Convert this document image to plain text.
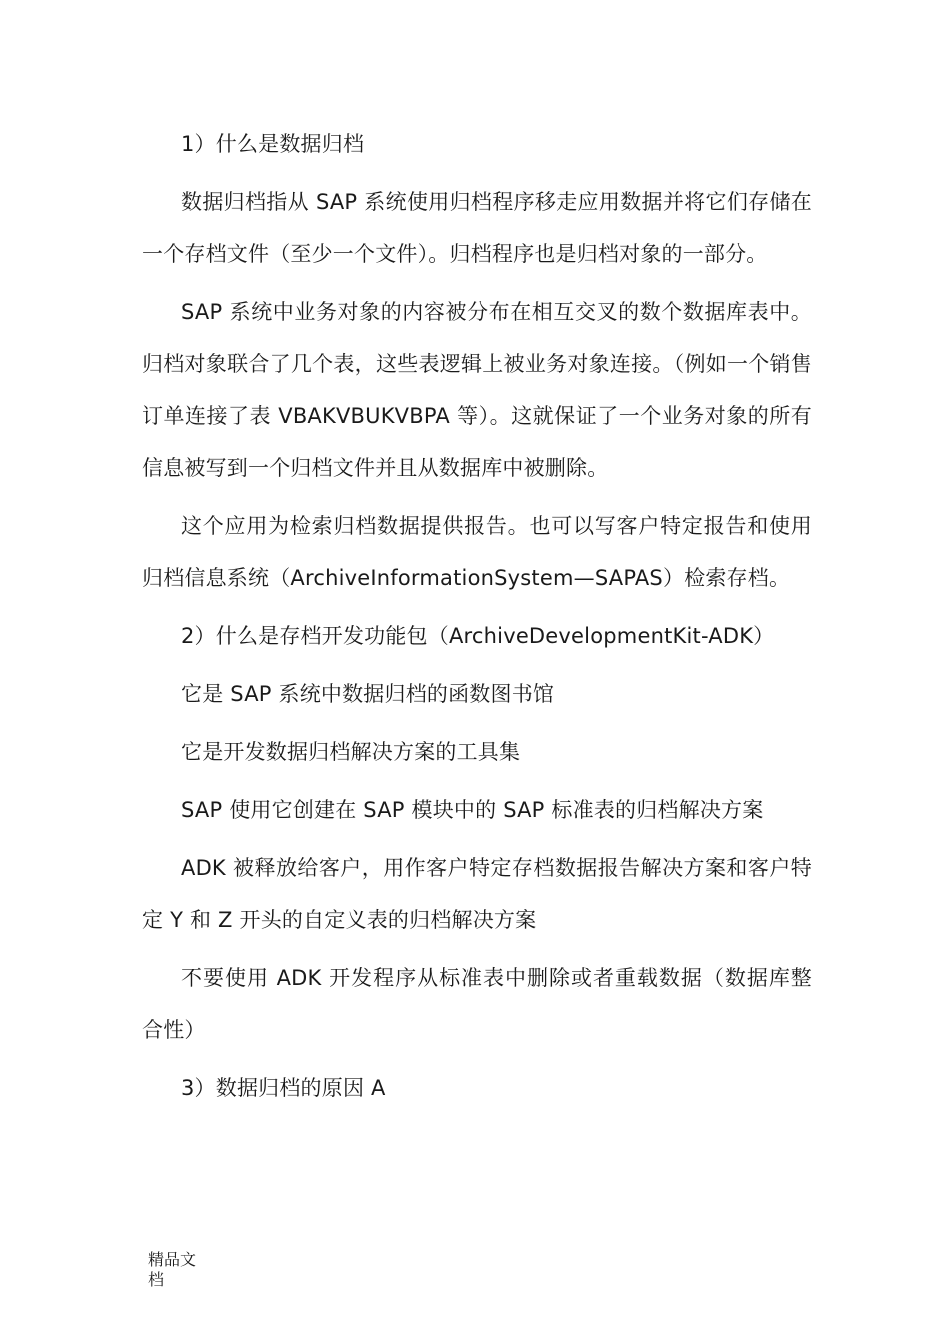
1）什么是数据归档

数据归档指从 SAP 系统使用归档程序移走应用数据并将它们存储在一个存档文件（至少一个文件）。归档程序也是归档对象的一部分。

SAP 系统中业务对象的内容被分布在相互交叉的数个数据库表中。归档对象联合了几个表，这些表逻辑上被业务对象连接。（例如一个销售订单连接了表 VBAKVBUKVBPA 等）。这就保证了一个业务对象的所有信息被写到一个归档文件并且从数据库中被删除。

这个应用为检索归档数据提供报告。也可以写客户特定报告和使用归档信息系统（ArchiveInformationSystem—SAPAS）检索存档。

2）什么是存档开发功能包（ArchiveDevelopmentKit-ADK）

它是 SAP 系统中数据归档的函数图书馆

它是开发数据归档解决方案的工具集

SAP 使用它创建在 SAP 模块中的 SAP 标准表的归档解决方案

ADK 被释放给客户，用作客户特定存档数据报告解决方案和客户特定 Y 和 Z 开头的自定义表的归档解决方案

不要使用 ADK 开发程序从标准表中删除或者重载数据（数据库整合性）

3）数据归档的原因 A

精品文档
